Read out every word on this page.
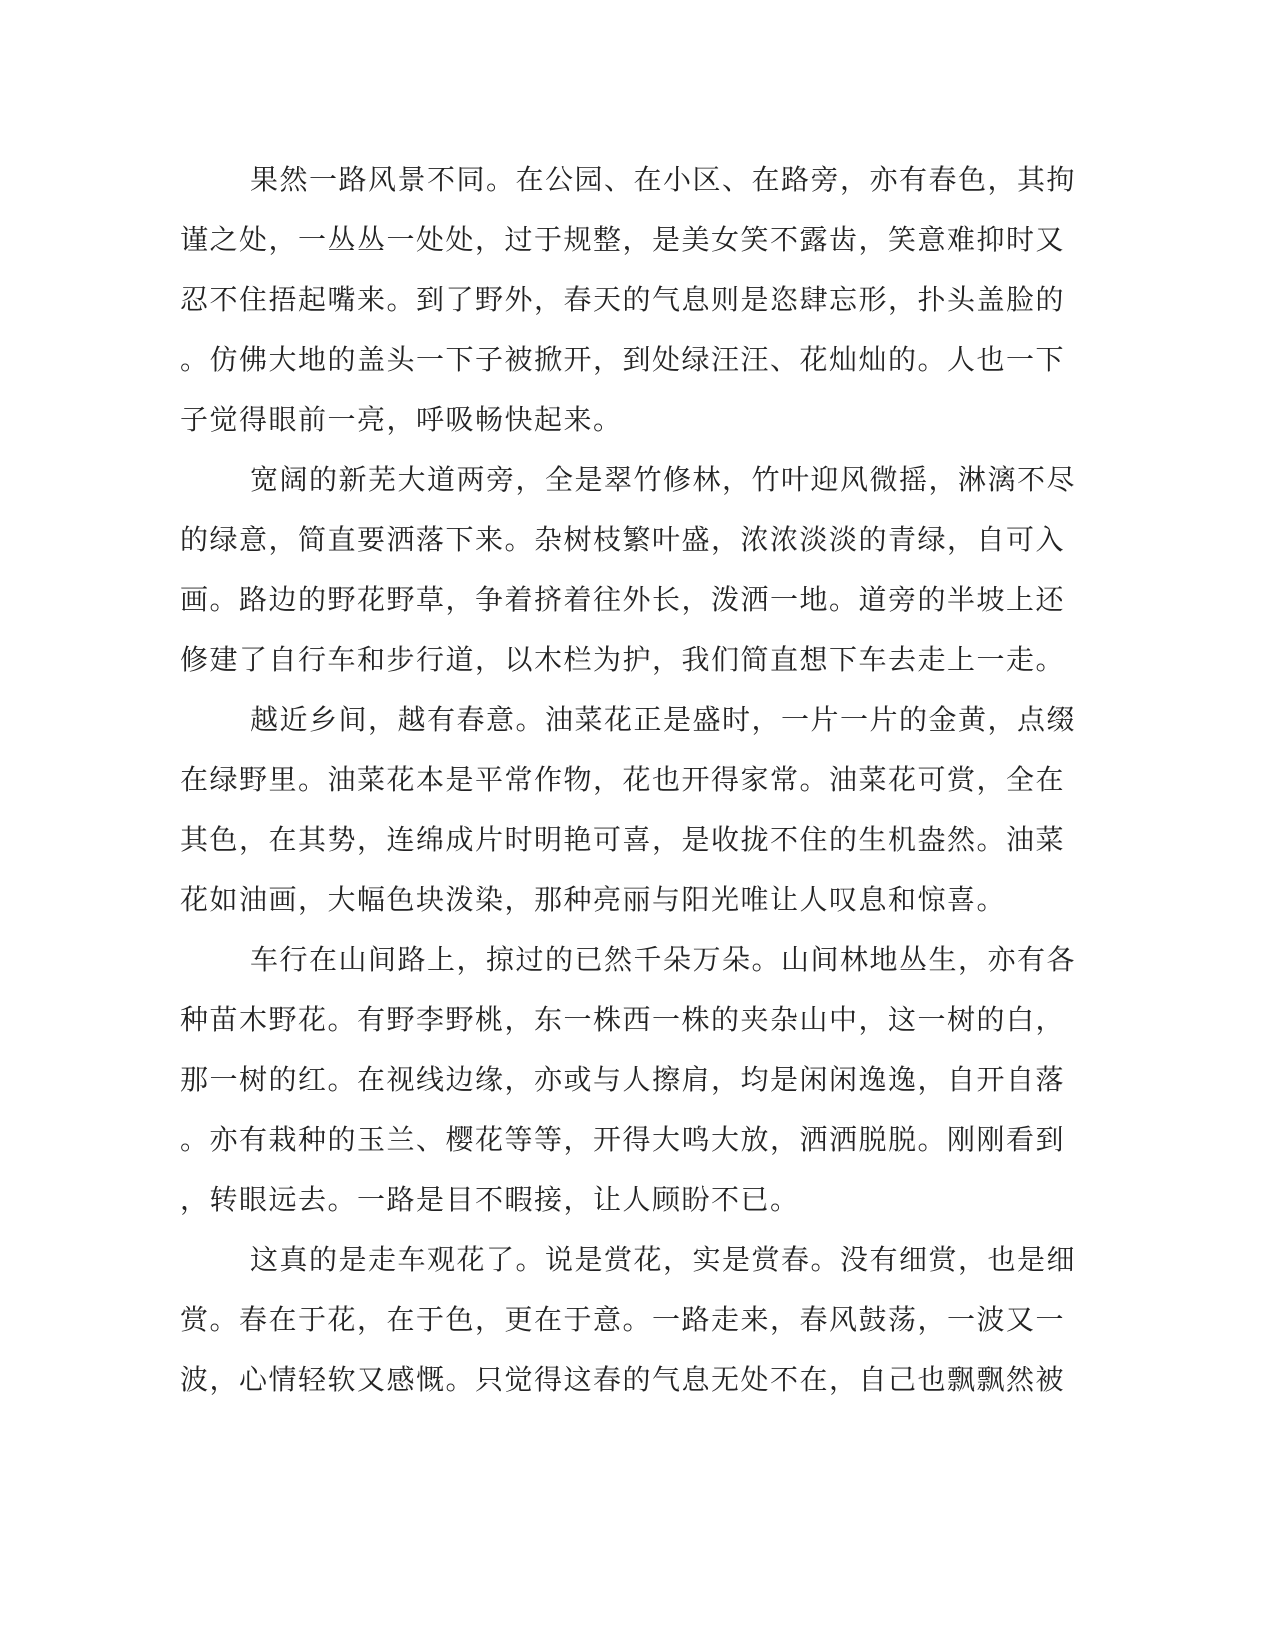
果然一路风景不同。在公园、在小区、在路旁，亦有春色，其拘
谨之处，一丛丛一处处，过于规整，是美女笑不露齿，笑意难抑时又
忍不住捂起嘴来。到了野外，春天的气息则是恣肆忘形，扑头盖脸的
。仿佛大地的盖头一下子被掀开，到处绿汪汪、花灿灿的。人也一下
子觉得眼前一亮，呼吸畅快起来。
宽阔的新芜大道两旁，全是翠竹修林，竹叶迎风微摇，淋漓不尽
的绿意，简直要洒落下来。杂树枝繁叶盛，浓浓淡淡的青绿，自可入
画。路边的野花野草，争着挤着往外长，泼洒一地。道旁的半坡上还
修建了自行车和步行道，以木栏为护，我们简直想下车去走上一走。
越近乡间，越有春意。油菜花正是盛时，一片一片的金黄，点缀
在绿野里。油菜花本是平常作物，花也开得家常。油菜花可赏，全在
其色，在其势，连绵成片时明艳可喜，是收拢不住的生机盎然。油菜
花如油画，大幅色块泼染，那种亮丽与阳光唯让人叹息和惊喜。
车行在山间路上，掠过的已然千朵万朵。山间林地丛生，亦有各
种苗木野花。有野李野桃，东一株西一株的夹杂山中，这一树的白，
那一树的红。在视线边缘，亦或与人擦肩，均是闲闲逸逸，自开自落
。亦有栽种的玉兰、樱花等等，开得大鸣大放，洒洒脱脱。刚刚看到
，转眼远去。一路是目不暇接，让人顾盼不已。
这真的是走车观花了。说是赏花，实是赏春。没有细赏，也是细
赏。春在于花，在于色，更在于意。一路走来，春风鼓荡，一波又一
波，心情轻软又感慨。只觉得这春的气息无处不在，自己也飘飘然被
